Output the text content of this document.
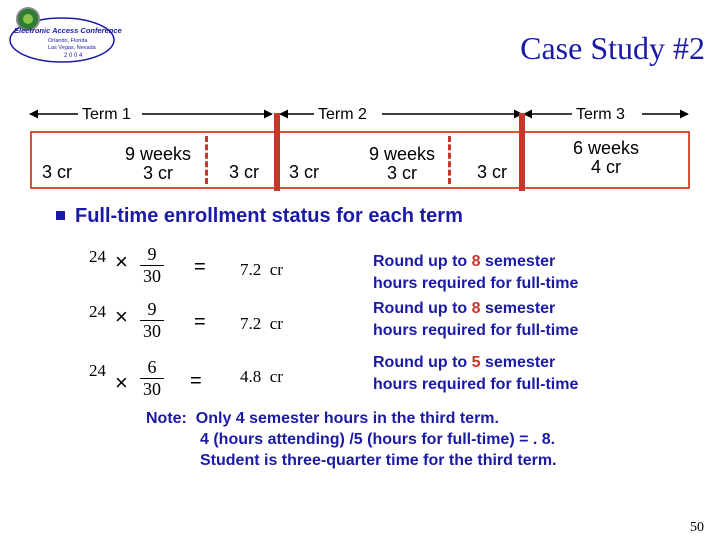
Electronic Access Conference
Orlando, Florida
Las Vegas, Nevada
2 0 0 4	Case Study #2
Term 1	Term 2	Term 3
3 cr
9 weeks
3 cr	3 cr 3 cr
9 weeks
3 cr	3 cr
6 weeks
4 cr
Full-time enrollment status for each term
$24 \times \frac{9}{30} = 7.2$  cr	Round up to 8 semester
hours required for full-time
$24 \times \frac{9}{30} = 7.2$  cr
Round up to 8 semester
hours required for full-time
$24 \times \frac{6}{30} = 4.8$  cr
Round up to 5 semester
hours required for full-time
Note:  Only 4 semester hours in the third term.
4 (hours attending) /5 (hours for full-time) = . 8.
Student is three-quarter time for the third term.
50
